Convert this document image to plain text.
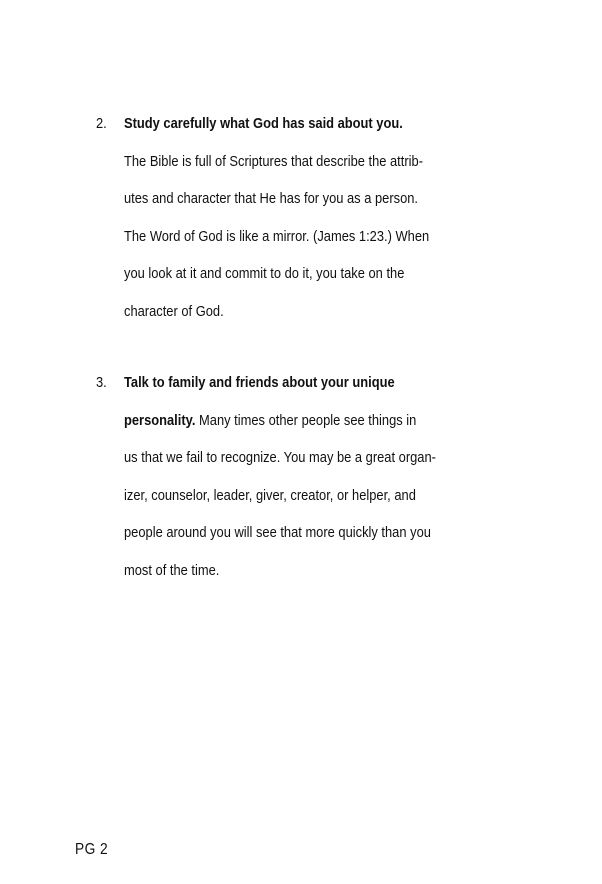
2. Study carefully what God has said about you.
The Bible is full of Scriptures that describe the attrib-
utes and character that He has for you as a person.
The Word of God is like a mirror. (James 1:23.) When
you look at it and commit to do it, you take on the
character of God.
3. Talk to family and friends about your unique
personality. Many times other people see things in
us that we fail to recognize. You may be a great organ-
izer, counselor, leader, giver, creator, or helper, and
people around you will see that more quickly than you
most of the time.
PG 2
